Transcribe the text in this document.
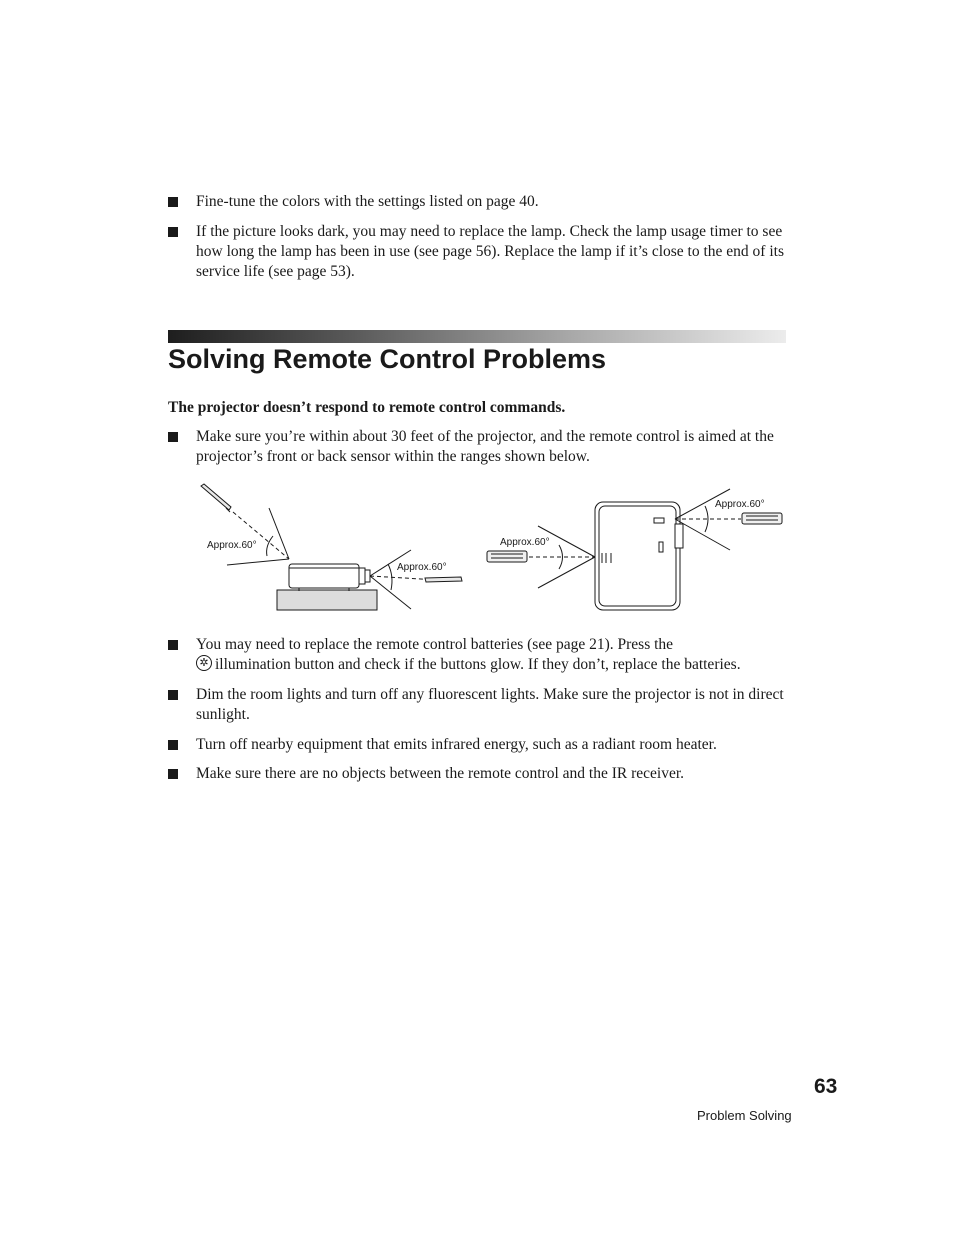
Fine-tune the colors with the settings listed on page 40.
If the picture looks dark, you may need to replace the lamp. Check the lamp usage timer to see how long the lamp has been in use (see page 56). Replace the lamp if it’s close to the end of its service life (see page 53).
Solving Remote Control Problems
The projector doesn’t respond to remote control commands.
Make sure you’re within about 30 feet of the projector, and the remote control is aimed at the projector’s front or back sensor within the ranges shown below.
Approx.60°
Approx.60°
Approx.60°
Approx.60°
You may need to replace the remote control batteries (see page 21). Press the
✲illumination button and check if the buttons glow. If they don’t, replace the batteries.
Dim the room lights and turn off any fluorescent lights. Make sure the projector is not in direct sunlight.
Turn off nearby equipment that emits infrared energy, such as a radiant room heater.
Make sure there are no objects between the remote control and the IR receiver.
Problem Solving
63
